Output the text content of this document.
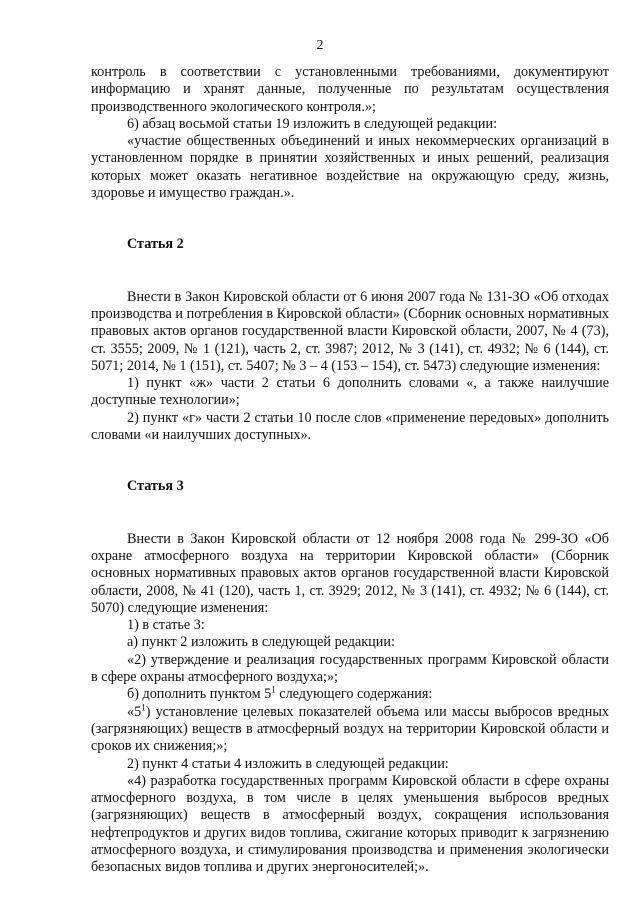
2

контроль в соответствии с установленными требованиями, документируют информацию и хранят данные, полученные по результатам осуществления производственного экологического контроля.»;

6) абзац восьмой статьи 19 изложить в следующей редакции:

«участие общественных объединений и иных некоммерческих организаций в установленном порядке в принятии хозяйственных и иных решений, реализация которых может оказать негативное воздействие на окружающую среду, жизнь, здоровье и имущество граждан.».

Статья 2

Внести в Закон Кировской области от 6 июня 2007 года № 131-ЗО «Об отходах производства и потребления в Кировской области» (Сборник основных нормативных правовых актов органов государственной власти Кировской области, 2007, № 4 (73), ст. 3555; 2009, № 1 (121), часть 2, ст. 3987; 2012, № 3 (141), ст. 4932; № 6 (144), ст. 5071; 2014, № 1 (151), ст. 5407; № 3 – 4 (153 – 154), ст. 5473) следующие изменения:

1) пункт «ж» части 2 статьи 6 дополнить словами «, а также наилучшие доступные технологии»;

2) пункт «г» части 2 статьи 10 после слов «применение передовых» дополнить словами «и наилучших доступных».

Статья 3

Внести в Закон Кировской области от 12 ноября 2008 года № 299-ЗО «Об охране атмосферного воздуха на территории Кировской области» (Сборник основных нормативных правовых актов органов государственной власти Кировской области, 2008, № 41 (120), часть 1, ст. 3929; 2012, № 3 (141), ст. 4932; № 6 (144), ст. 5070) следующие изменения:

1) в статье 3:

а) пункт 2 изложить в следующей редакции:

«2) утверждение и реализация государственных программ Кировской области в сфере охраны атмосферного воздуха;»;

б) дополнить пунктом $5^1$ следующего содержания:

«$5^1$) установление целевых показателей объема или массы выбросов вредных (загрязняющих) веществ в атмосферный воздух на территории Кировской области и сроков их снижения;»;

2) пункт 4 статьи 4 изложить в следующей редакции:

«4) разработка государственных программ Кировской области в сфере охраны атмосферного воздуха, в том числе в целях уменьшения выбросов вредных (загрязняющих) веществ в атмосферный воздух, сокращения использования нефтепродуктов и других видов топлива, сжигание которых приводит к загрязнению атмосферного воздуха, и стимулирования производства и применения экологически безопасных видов топлива и других энергоносителей;».
